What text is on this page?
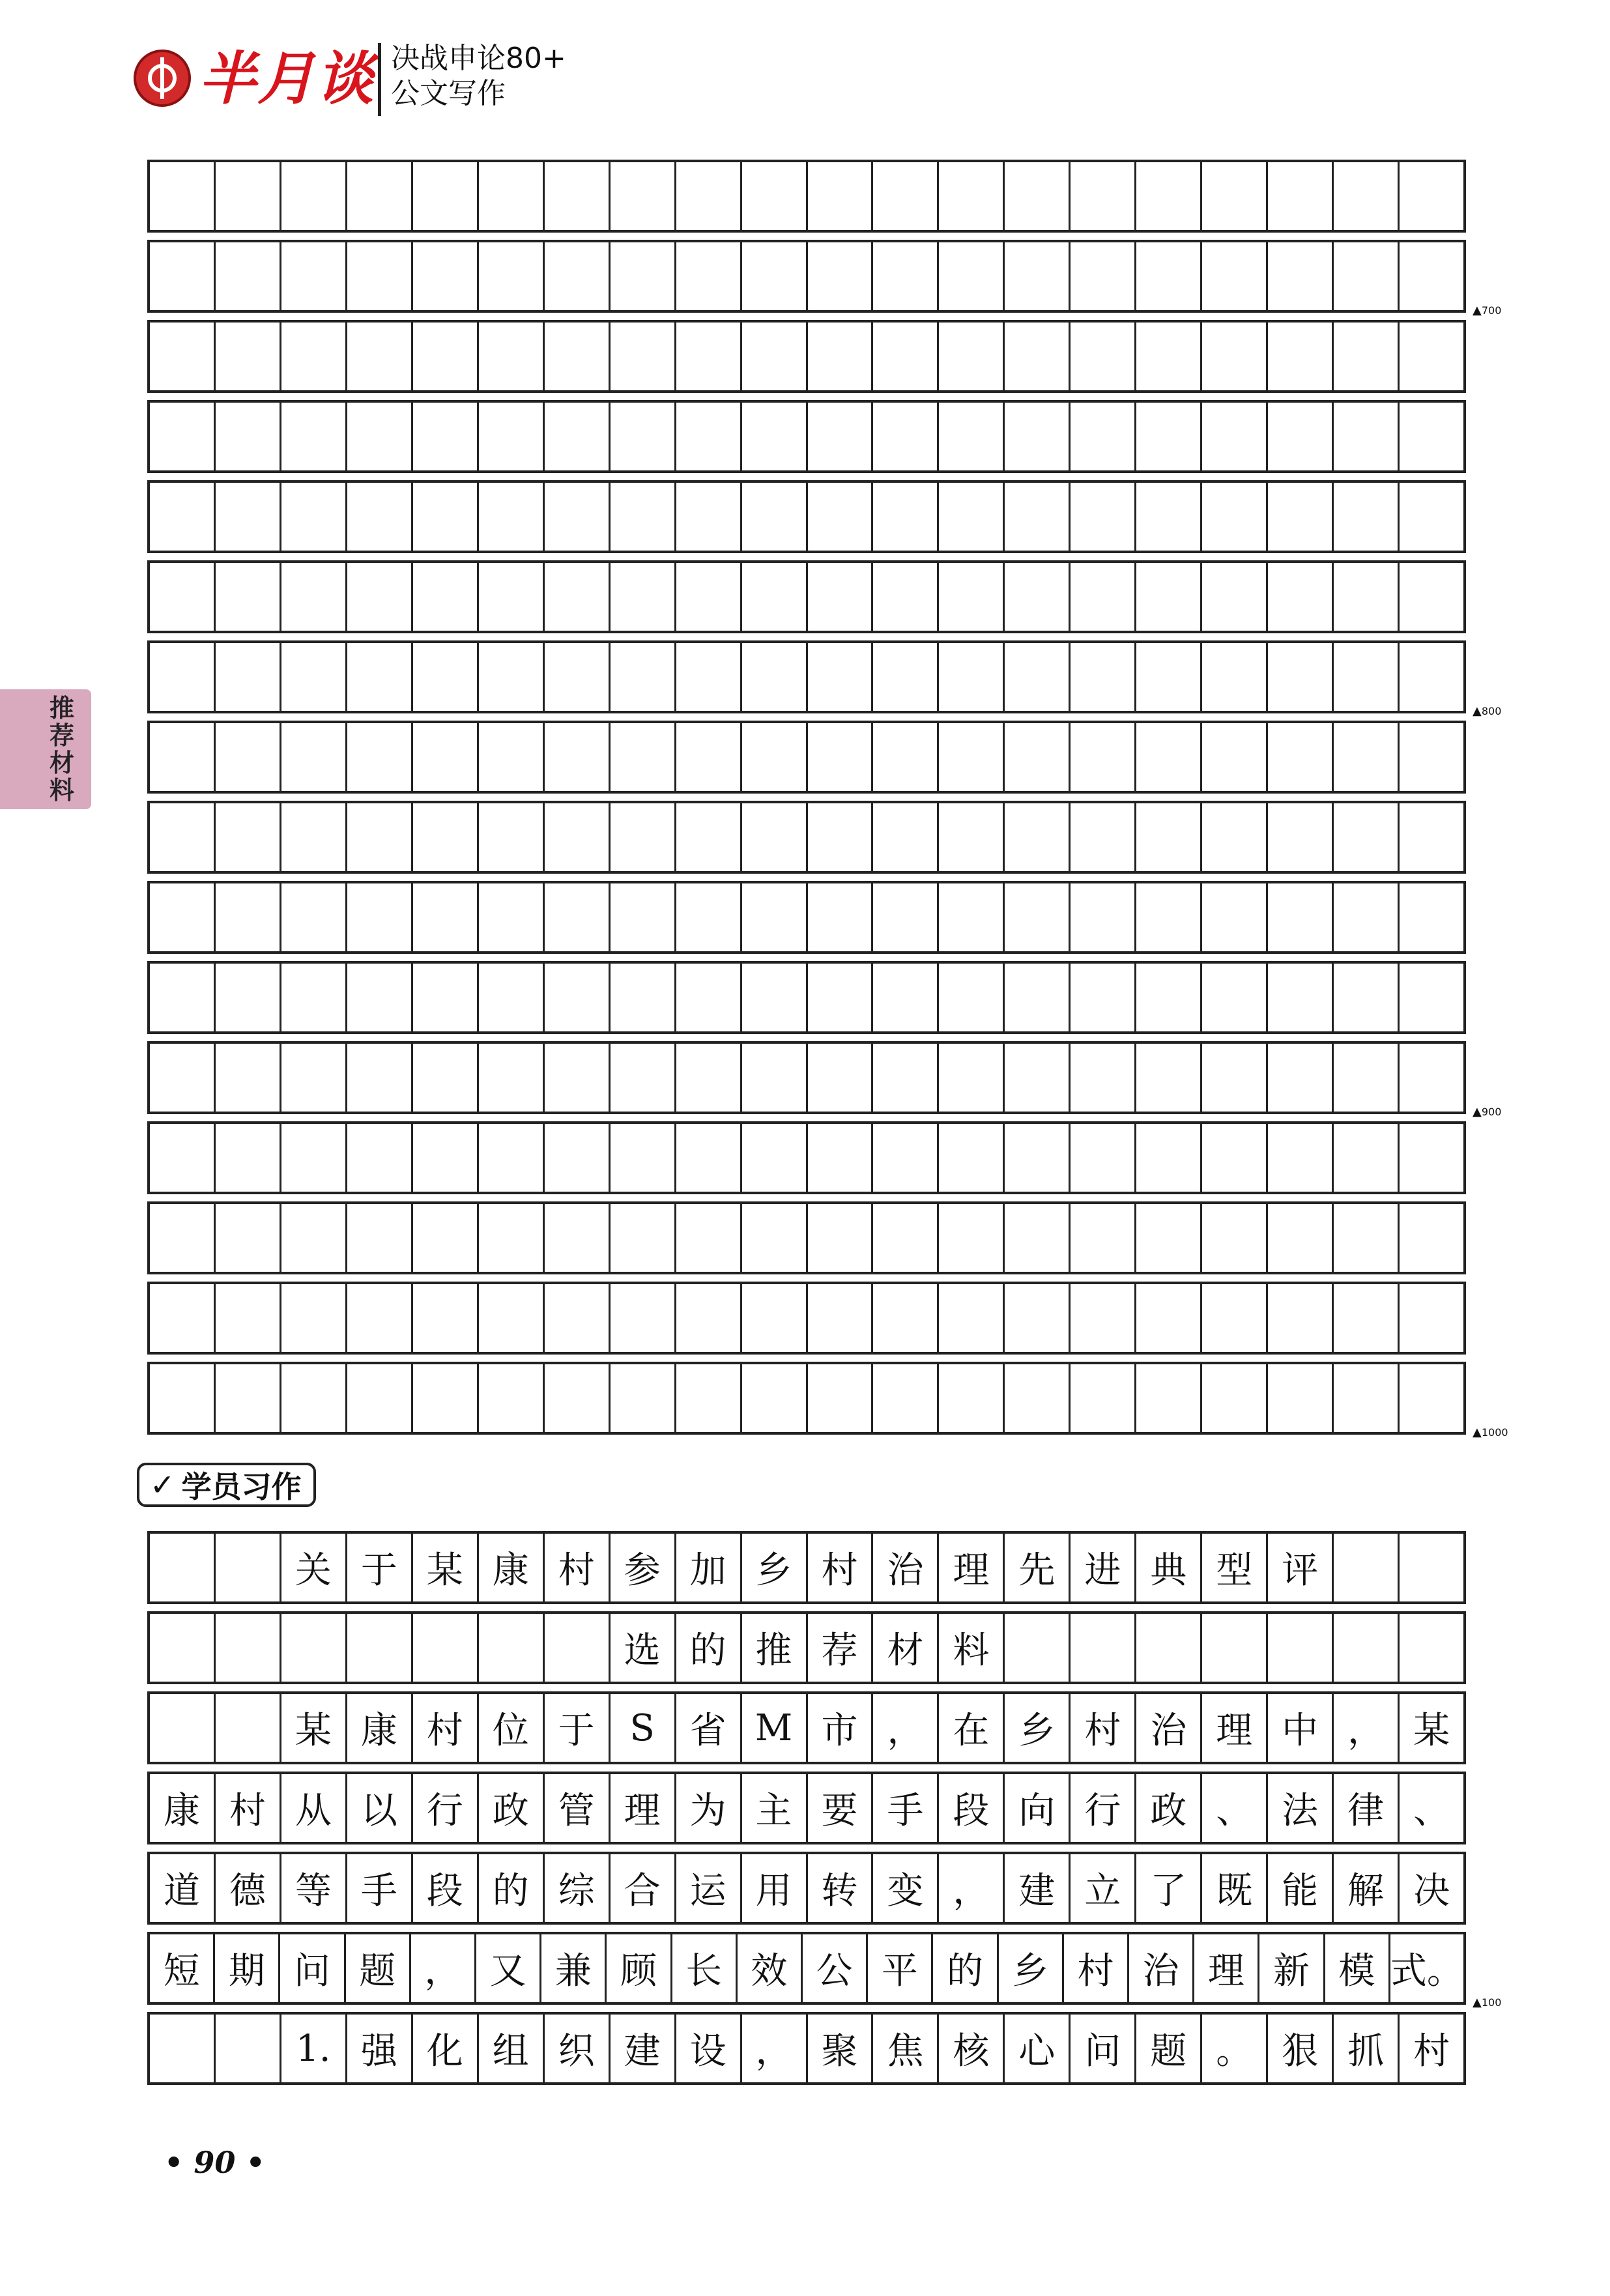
半月谈 决战申论80+
公文写作
推荐材料
✓ 学员习作
关 于 某 康 村 参 加 乡 村 治 理 先 进 典 型 评
选 的 推 荐 材 料
某 康 村 位 于 S 省 M 市 ， 在 乡 村 治 理 中 ， 某
康 村 从 以 行 政 管 理 为 主 要 手 段 向 行 政 、 法 律 、
道 德 等 手 段 的 综 合 运 用 转 变 ， 建 立 了 既 能 解 决
短 期 问 题 ， 又 兼 顾 长 效 公 平 的 乡 村 治 理 新 模 式。
1. 强 化 组 织 建 设 ， 聚 焦 核 心 问 题 。 狠 抓 村
• 90 •
▲ 700
▲ 800
▲ 900
▲ 1000
▲ 100
